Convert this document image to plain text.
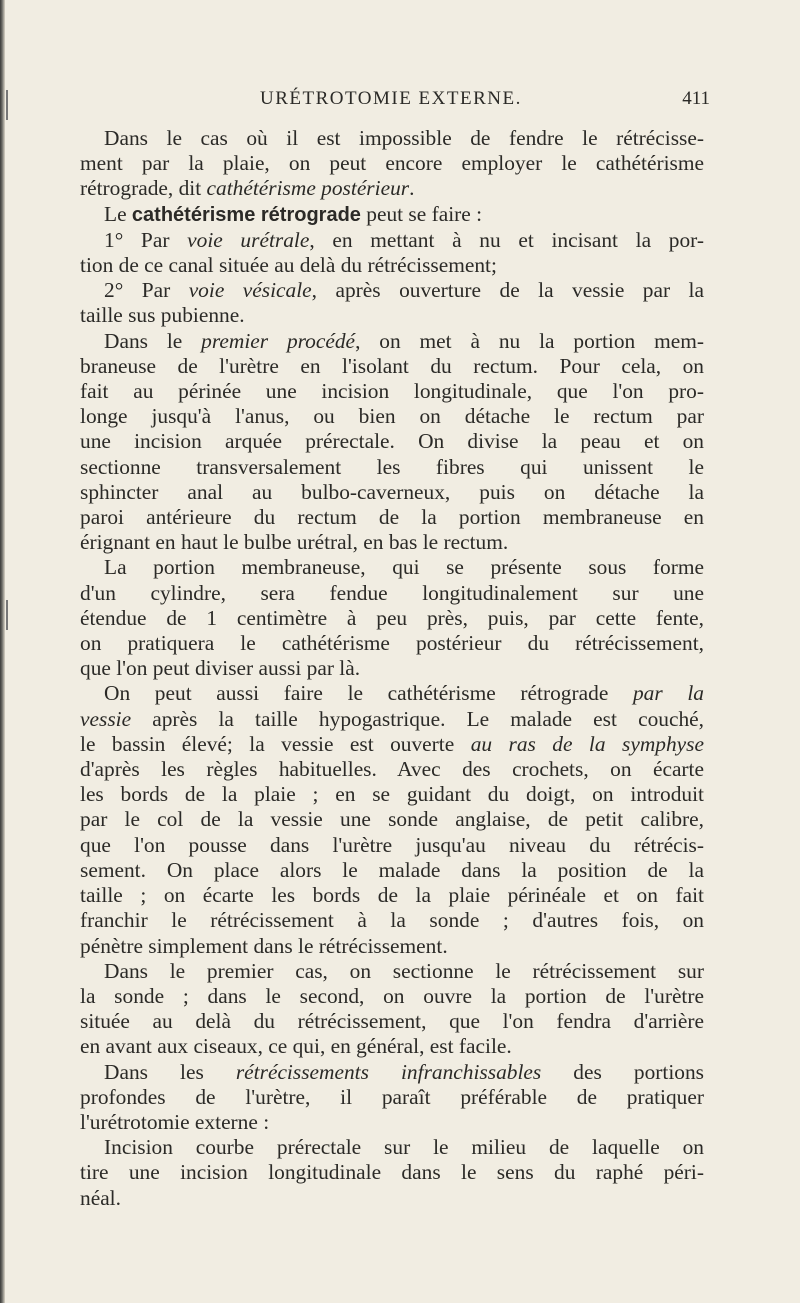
URÉTROTOMIE EXTERNE.	411

Dans le cas où il est impossible de fendre le rétrécisse-
ment par la plaie, on peut encore employer le cathétérisme
rétrograde, dit cathétérisme postérieur.

Le cathétérisme rétrograde peut se faire :

1° Par voie urétrale, en mettant à nu et incisant la por-
tion de ce canal située au delà du rétrécissement;

2° Par voie vésicale, après ouverture de la vessie par la
taille sus pubienne.

Dans le premier procédé, on met à nu la portion mem-
braneuse de l'urètre en l'isolant du rectum. Pour cela, on
fait au périnée une incision longitudinale, que l'on pro-
longe jusqu'à l'anus, ou bien on détache le rectum par
une incision arquée prérectale. On divise la peau et on
sectionne transversalement les fibres qui unissent le
sphincter anal au bulbo-caverneux, puis on détache la
paroi antérieure du rectum de la portion membraneuse en
érignant en haut le bulbe urétral, en bas le rectum.

La portion membraneuse, qui se présente sous forme
d'un cylindre, sera fendue longitudinalement sur une
étendue de 1 centimètre à peu près, puis, par cette fente,
on pratiquera le cathétérisme postérieur du rétrécissement,
que l'on peut diviser aussi par là.

On peut aussi faire le cathétérisme rétrograde par la
vessie après la taille hypogastrique. Le malade est couché,
le bassin élevé; la vessie est ouverte au ras de la symphyse
d'après les règles habituelles. Avec des crochets, on écarte
les bords de la plaie ; en se guidant du doigt, on introduit
par le col de la vessie une sonde anglaise, de petit calibre,
que l'on pousse dans l'urètre jusqu'au niveau du rétrécis-
sement. On place alors le malade dans la position de la
taille ; on écarte les bords de la plaie périnéale et on fait
franchir le rétrécissement à la sonde ; d'autres fois, on
pénètre simplement dans le rétrécissement.

Dans le premier cas, on sectionne le rétrécissement sur
la sonde ; dans le second, on ouvre la portion de l'urètre
située au delà du rétrécissement, que l'on fendra d'arrière
en avant aux ciseaux, ce qui, en général, est facile.

Dans les rétrécissements infranchissables des portions
profondes de l'urètre, il paraît préférable de pratiquer
l'urétrotomie externe :

Incision courbe prérectale sur le milieu de laquelle on
tire une incision longitudinale dans le sens du raphé péri-
néal.
